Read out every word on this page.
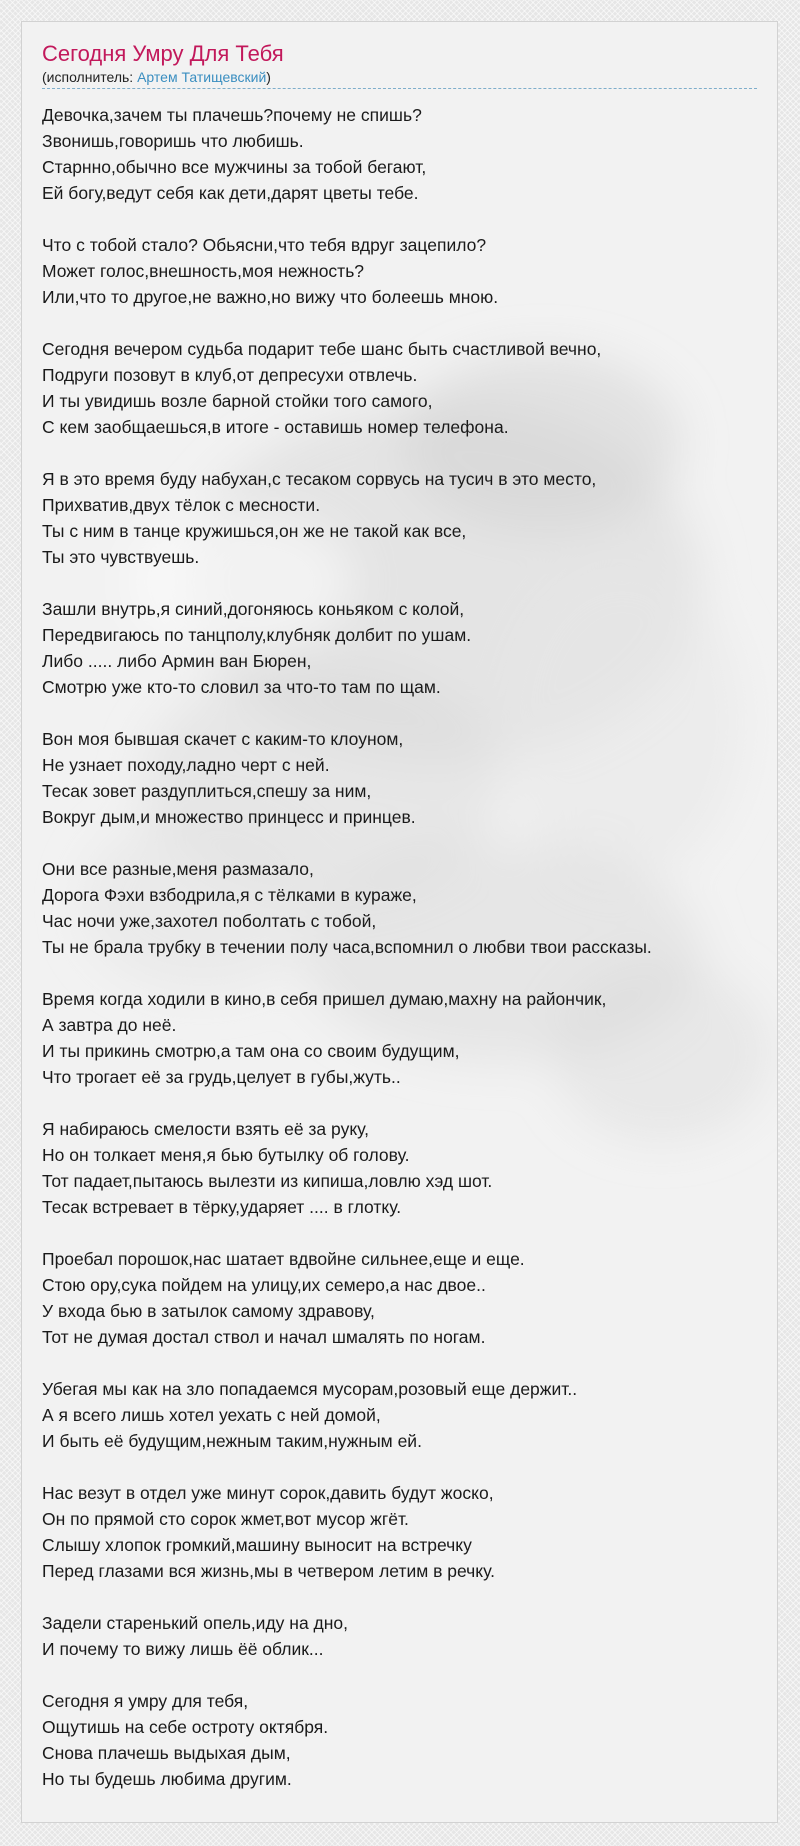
Сегодня Умру Для Тебя
(исполнитель: Артем Татищевский)
Девочка,зачем ты плачешь?почему не спишь?
Звонишь,говоришь что любишь.
Старнно,обычно все мужчины за тобой бегают,
Ей богу,ведут себя как дети,дарят цветы тебе.
Что с тобой стало? Обьясни,что тебя вдруг зацепило?
Может голос,внешность,моя нежность?
Или,что то другое,не важно,но вижу что болеешь мною.
Сегодня вечером судьба подарит тебе шанс быть счастливой вечно,
Подруги позовут в клуб,от депресухи отвлечь.
И ты увидишь возле барной стойки того самого,
С кем заобщаешься,в итоге - оставишь номер телефона.
Я в это время буду набухан,с тесаком сорвусь на тусич в это место,
Прихватив,двух тёлок с месности.
Ты с ним в танце кружишься,он же не такой как все,
Ты это чувствуешь.
Зашли внутрь,я синий,догоняюсь коньяком с колой,
Передвигаюсь по танцполу,клубняк долбит по ушам.
Либо ..... либо Армин ван Бюрен,
Смотрю уже кто-то словил за что-то там по щам.
Вон моя бывшая скачет с каким-то клоуном,
Не узнает походу,ладно черт с ней.
Тесак зовет раздуплиться,спешу за ним,
Вокруг дым,и множество принцесс и принцев.
Они все разные,меня размазало,
Дорога Фэхи взбодрила,я с тёлками в кураже,
Час ночи уже,захотел поболтать с тобой,
Ты не брала трубку в течении полу часа,вспомнил о любви твои рассказы.
Время когда ходили в кино,в себя пришел думаю,махну на райончик,
А завтра до неё.
И ты прикинь смотрю,а там она со своим будущим,
Что трогает её за грудь,целует в губы,жуть..
Я набираюсь смелости взять её за руку,
Но он толкает меня,я бью бутылку об голову.
Тот падает,пытаюсь вылезти из кипиша,ловлю хэд шот.
Тесак встревает в тёрку,ударяет .... в глотку.
Проебал порошок,нас шатает вдвойне сильнее,еще и еще.
Стою ору,сука пойдем на улицу,их семеро,а нас двое..
У входа бью в затылок самому здравову,
Тот не думая достал ствол и начал шмалять по ногам.
Убегая мы как на зло попадаемся мусорам,розовый еще держит..
А я всего лишь хотел уехать с ней домой,
И быть её будущим,нежным таким,нужным ей.
Нас везут в отдел уже минут сорок,давить будут жоско,
Он по прямой сто сорок жмет,вот мусор жгёт.
Слышу хлопок громкий,машину выносит на встречку
Перед глазами вся жизнь,мы в четвером летим в речку.
Задели старенький опель,иду на дно,
И почему то вижу лишь ёё облик...
Сегодня я умру для тебя,
Ощутишь на себе остроту октября.
Снова плачешь выдыхая дым,
Но ты будешь любима другим.
